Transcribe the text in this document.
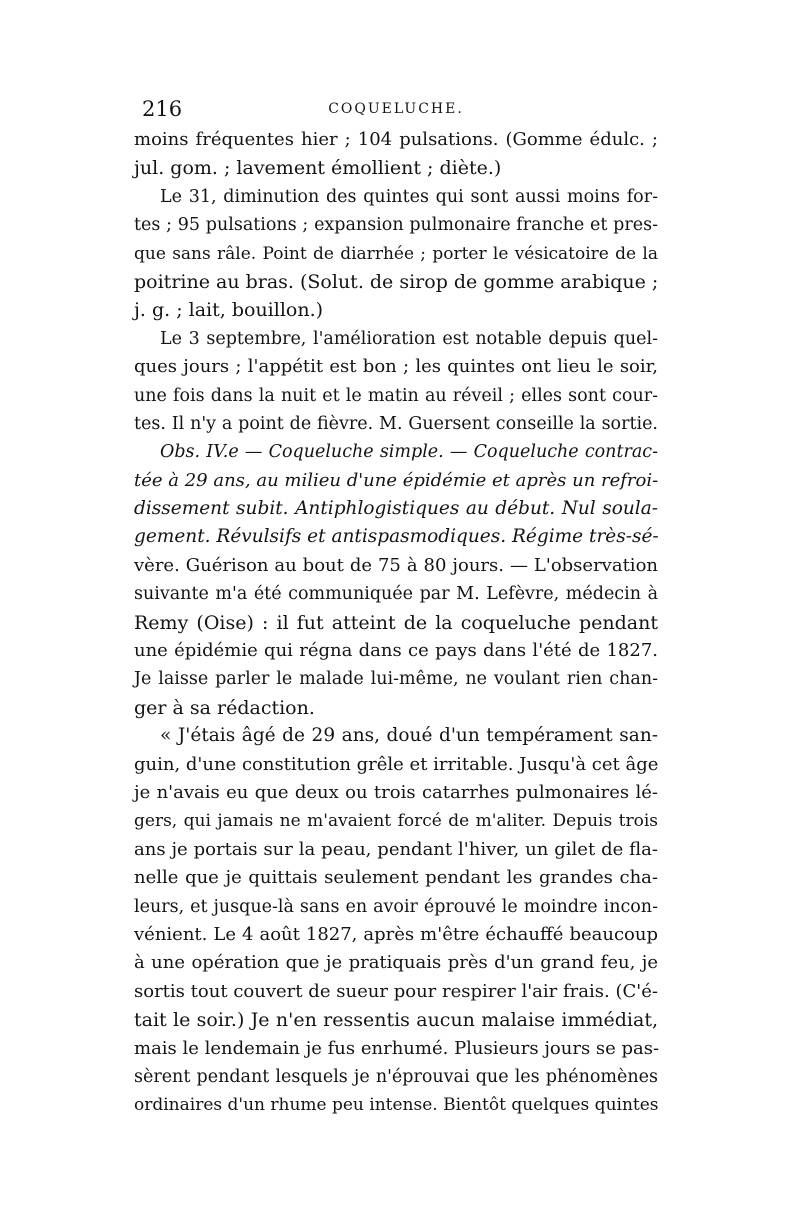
216	COQUELUCHE.
moins fréquentes hier ; 104 pulsations. (Gomme édulc. ;
jul. gom. ; lavement émollient ; diète.)
Le 31, diminution des quintes qui sont aussi moins for-
tes ; 95 pulsations ; expansion pulmonaire franche et pres-
que sans râle. Point de diarrhée ; porter le vésicatoire de la
poitrine au bras. (Solut. de sirop de gomme arabique ;
j. g. ; lait, bouillon.)
Le 3 septembre, l'amélioration est notable depuis quel-
ques jours ; l'appétit est bon ; les quintes ont lieu le soir,
une fois dans la nuit et le matin au réveil ; elles sont cour-
tes. Il n'y a point de fièvre. M. Guersent conseille la sortie.
Obs. IV.e — Coqueluche simple. — Coqueluche contrac-
tée à 29 ans, au milieu d'une épidémie et après un refroi-
dissement subit. Antiphlogistiques au début. Nul soula-
gement. Révulsifs et antispasmodiques. Régime très-sé-
vère. Guérison au bout de 75 à 80 jours. — L'observation
suivante m'a été communiquée par M. Lefèvre, médecin à
Remy (Oise) : il fut atteint de la coqueluche pendant
une épidémie qui régna dans ce pays dans l'été de 1827.
Je laisse parler le malade lui-même, ne voulant rien chan-
ger à sa rédaction.
« J'étais âgé de 29 ans, doué d'un tempérament san-
guin, d'une constitution grêle et irritable. Jusqu'à cet âge
je n'avais eu que deux ou trois catarrhes pulmonaires lé-
gers, qui jamais ne m'avaient forcé de m'aliter. Depuis trois
ans je portais sur la peau, pendant l'hiver, un gilet de fla-
nelle que je quittais seulement pendant les grandes cha-
leurs, et jusque-là sans en avoir éprouvé le moindre incon-
vénient. Le 4 août 1827, après m'être échauffé beaucoup
à une opération que je pratiquais près d'un grand feu, je
sortis tout couvert de sueur pour respirer l'air frais. (C'é-
tait le soir.) Je n'en ressentis aucun malaise immédiat,
mais le lendemain je fus enrhumé. Plusieurs jours se pas-
sèrent pendant lesquels je n'éprouvai que les phénomènes
ordinaires d'un rhume peu intense. Bientôt quelques quintes
